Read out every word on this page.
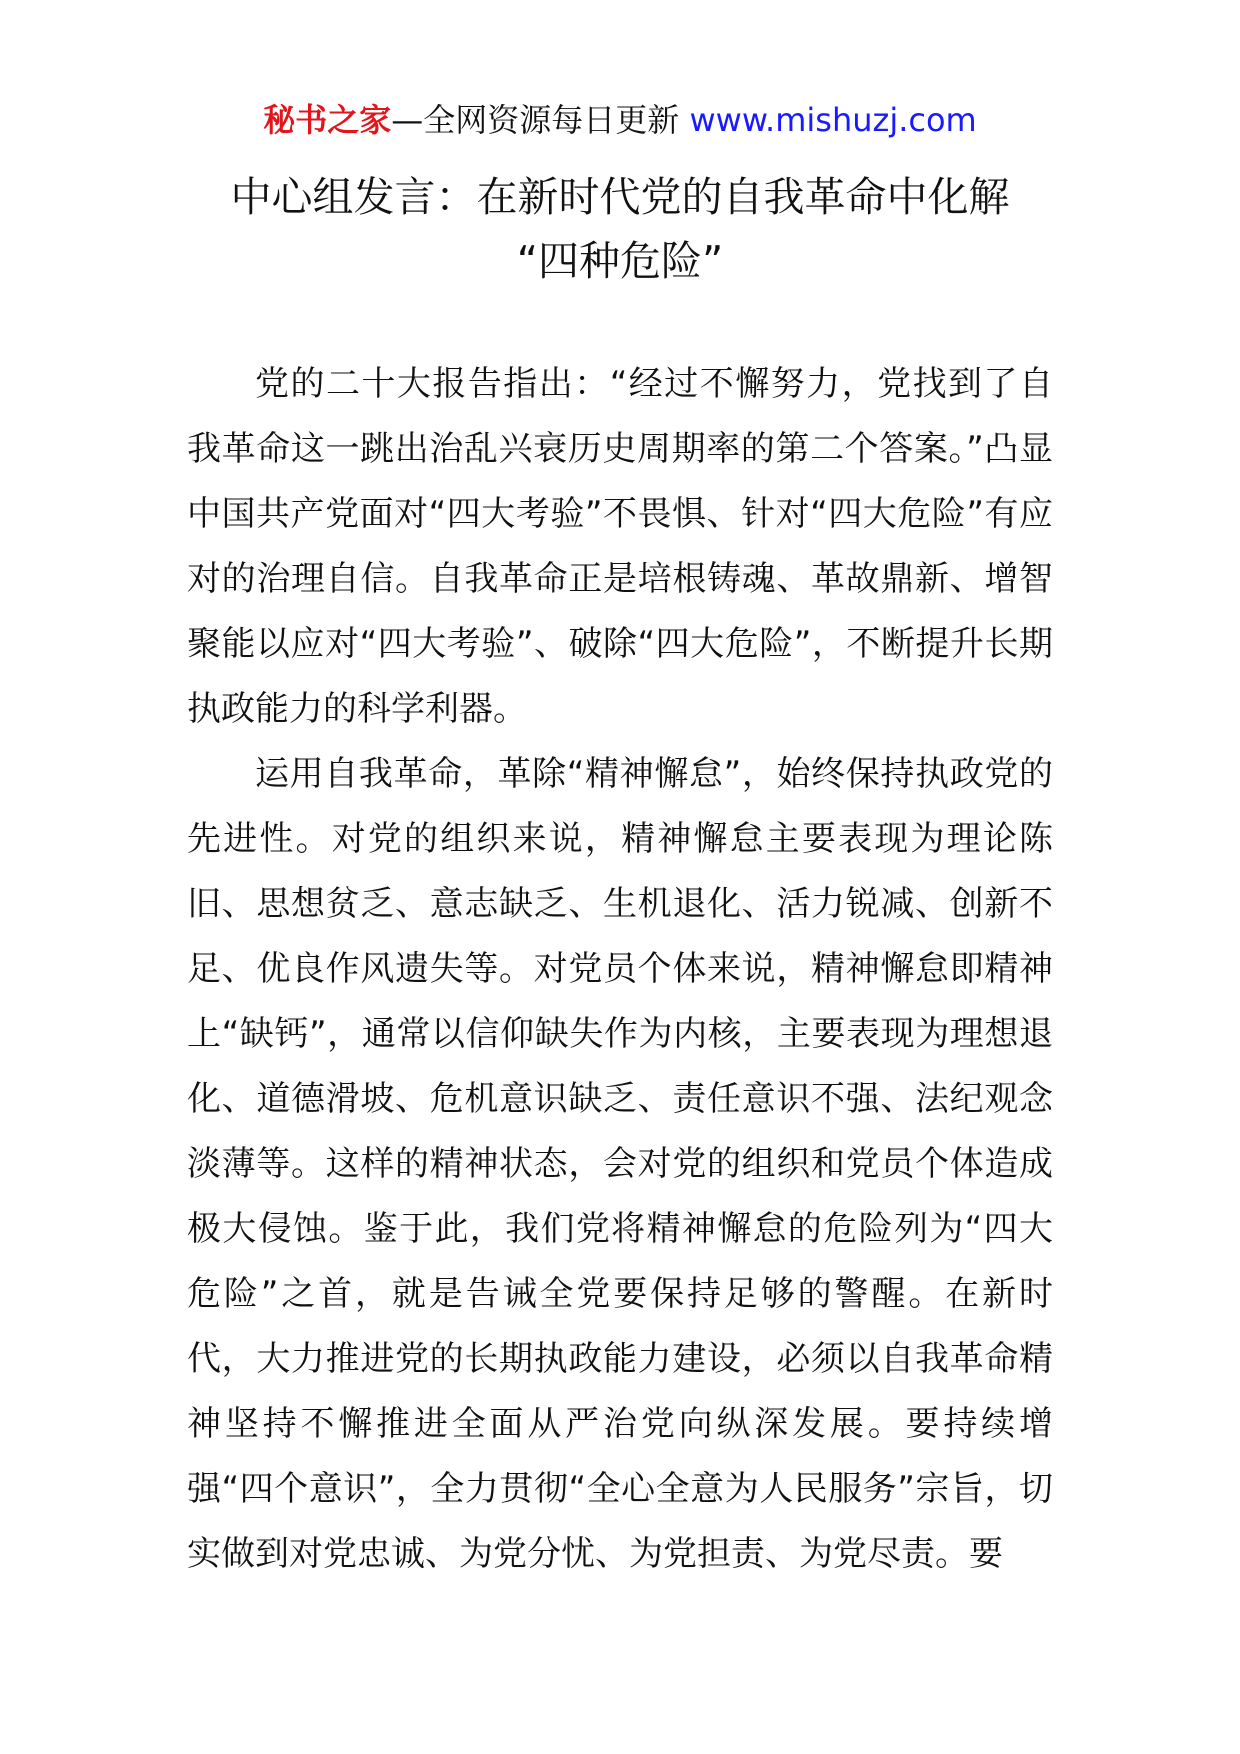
秘书之家—全网资源每日更新 www.mishuzj.com
中心组发言：在新时代党的自我革命中化解
“四种危险”

党的二十大报告指出：“经过不懈努力，党找到了自我革命这一跳出治乱兴衰历史周期率的第二个答案。”凸显中国共产党面对“四大考验”不畏惧、针对“四大危险”有应对的治理自信。自我革命正是培根铸魂、革故鼎新、增智聚能以应对“四大考验”、破除“四大危险”，不断提升长期执政能力的科学利器。

运用自我革命，革除“精神懈怠”，始终保持执政党的先进性。对党的组织来说，精神懈怠主要表现为理论陈旧、思想贫乏、意志缺乏、生机退化、活力锐减、创新不足、优良作风遗失等。对党员个体来说，精神懈怠即精神上“缺钙”，通常以信仰缺失作为内核，主要表现为理想退化、道德滑坡、危机意识缺乏、责任意识不强、法纪观念淡薄等。这样的精神状态，会对党的组织和党员个体造成极大侵蚀。鉴于此，我们党将精神懈怠的危险列为“四大危险”之首，就是告诫全党要保持足够的警醒。在新时代，大力推进党的长期执政能力建设，必须以自我革命精神坚持不懈推进全面从严治党向纵深发展。要持续增强“四个意识”，全力贯彻“全心全意为人民服务”宗旨，切实做到对党忠诚、为党分忧、为党担责、为党尽责。要
